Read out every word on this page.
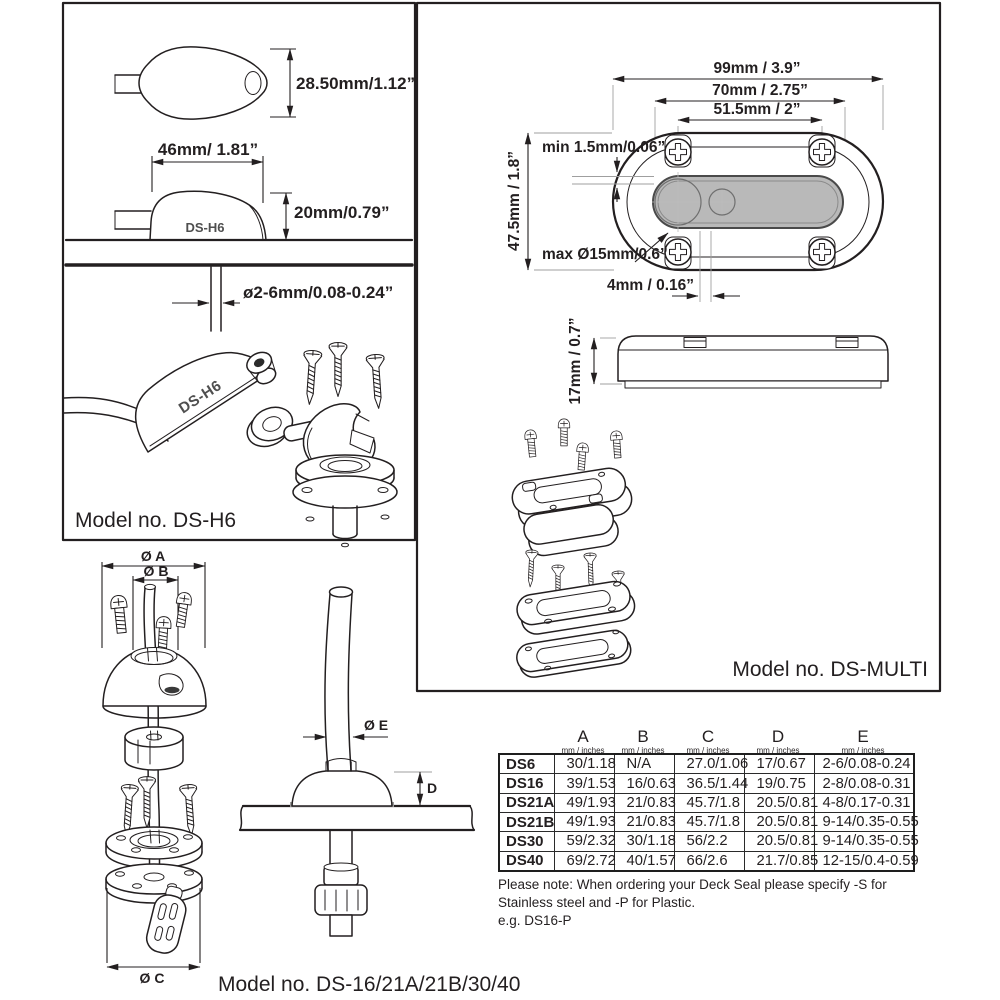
28.50mm/1.12”
46mm/ 1.81”
DS-H6
20mm/0.79”
ø2-6mm/0.08-0.24”
DS-H6
Model no. DS-H6
99mm / 3.9”
70mm / 2.75”
51.5mm / 2”
min 1.5mm/0.06”
47.5mm / 1.8”
max Ø15mm/0.6”
4mm / 0.16”
17mm / 0.7”
Model no. DS-MULTI
Ø A
Ø B
Ø C
Ø E
D
Model no. DS-16/21A/21B/30/40
A
mm / inches
B
mm / inches
C
mm / inches
D
mm / inches
E
mm / inches
DS6	30/1.18	N/A	27.0/1.06	17/0.67	2-6/0.08-0.24
DS16	39/1.53	16/0.63	36.5/1.44	19/0.75	2-8/0.08-0.31
DS21A	49/1.93	21/0.83	45.7/1.8	20.5/0.81	4-8/0.17-0.31
DS21B	49/1.93	21/0.83	45.7/1.8	20.5/0.81	9-14/0.35-0.55
DS30	59/2.32	30/1.18	56/2.2	20.5/0.81	9-14/0.35-0.55
DS40	69/2.72	40/1.57	66/2.6	21.7/0.85	12-15/0.4-0.59
Please note: When ordering your Deck Seal please specify -S for Stainless steel and -P for Plastic.
e.g. DS16-P
